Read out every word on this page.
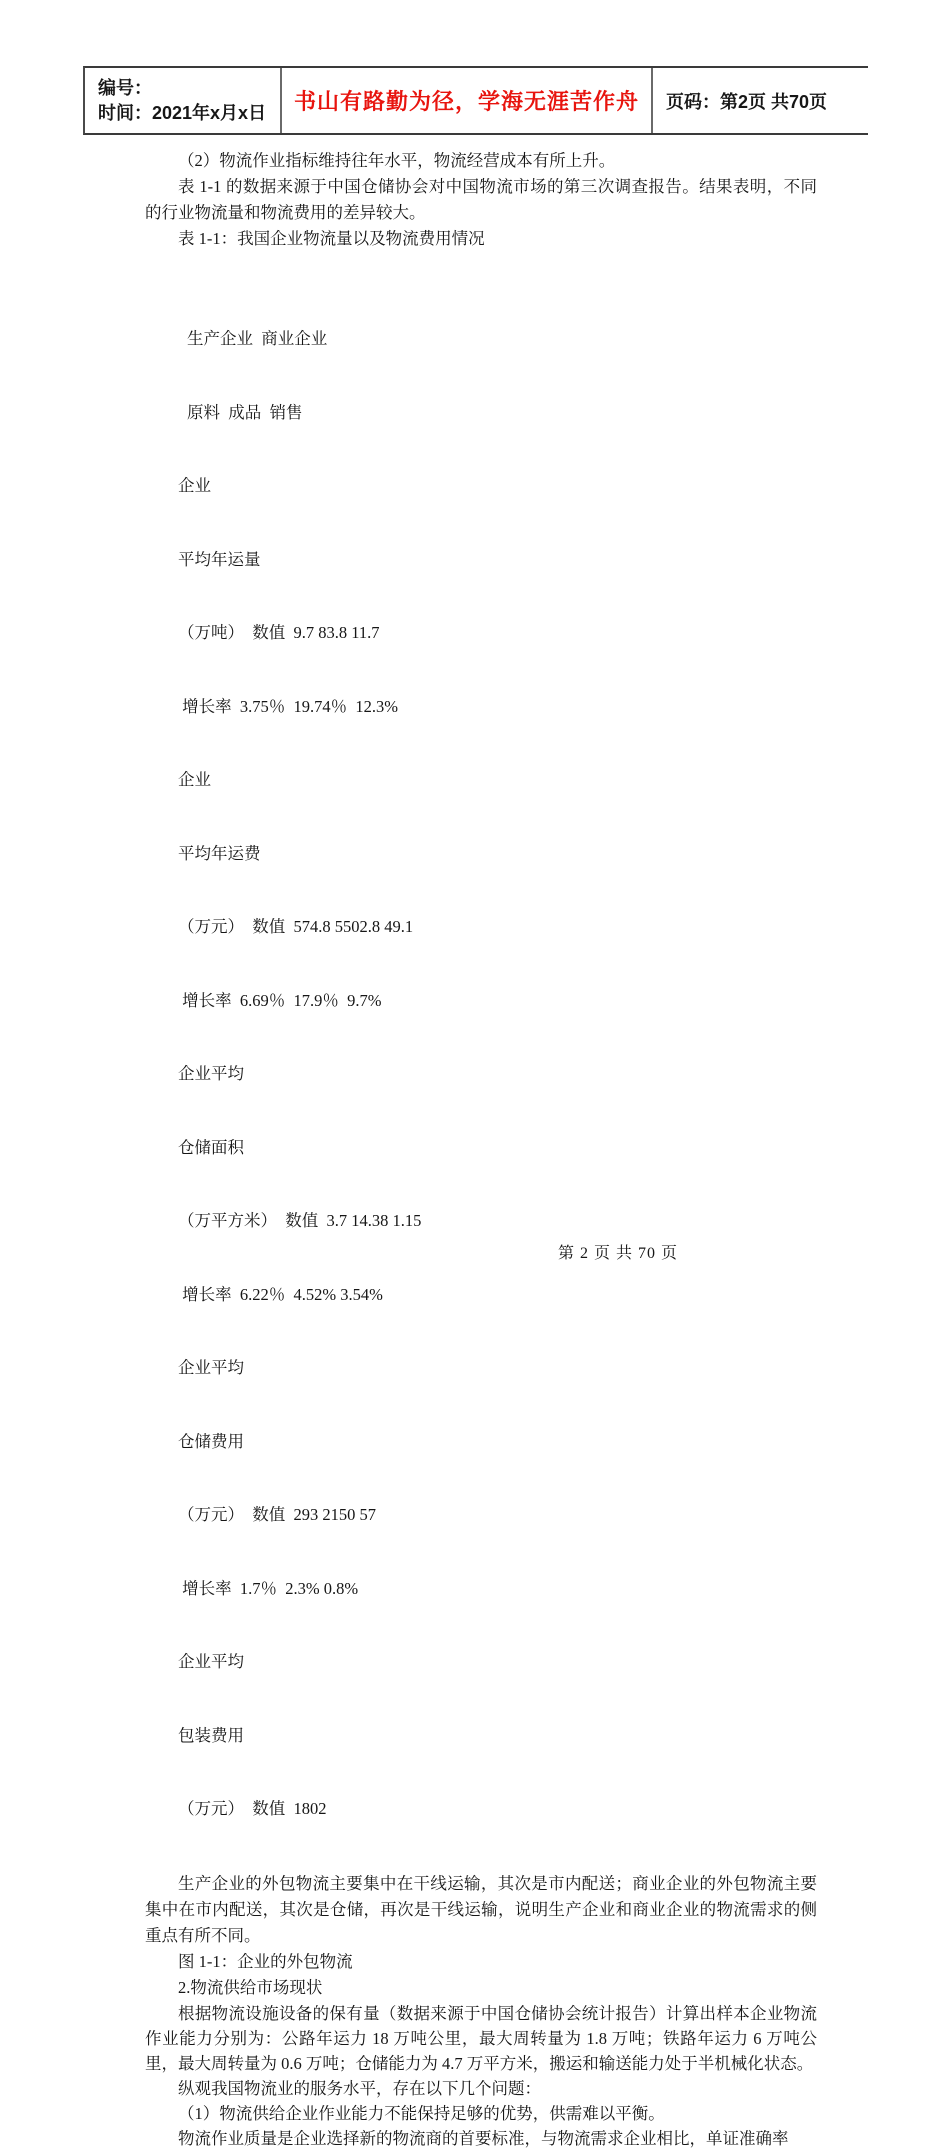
编号：
时间：2021年x月x日	书山有路勤为径，学海无涯苦作舟 页码：第2页 共70页

（2）物流作业指标维持往年水平，物流经营成本有所上升。

表 1-1 的数据来源于中国仓储协会对中国物流市场的第三次调查报告。结果表明，不同的行业物流量和物流费用的差异较大。

表 1-1：我国企业物流量以及物流费用情况

生产企业  商业企业

原料  成品  销售

企业

平均年运量

（万吨）  数值  9.7 83.8 11.7

增长率  3.75％  19.74％  12.3%

企业

平均年运费

（万元）  数值  574.8 5502.8 49.1

增长率  6.69％  17.9％  9.7%

企业平均

仓储面积

（万平方米）  数值  3.7 14.38 1.15

增长率  6.22％  4.52% 3.54%

企业平均

仓储费用

（万元）  数值  293 2150 57

增长率  1.7％  2.3% 0.8%

企业平均

包装费用

（万元）  数值  1802

生产企业的外包物流主要集中在干线运输，其次是市内配送；商业企业的外包物流主要集中在市内配送，其次是仓储，再次是干线运输，说明生产企业和商业企业的物流需求的侧重点有所不同。

图 1-1：企业的外包物流

2.物流供给市场现状

根据物流设施设备的保有量（数据来源于中国仓储协会统计报告）计算出样本企业物流作业能力分别为：公路年运力 18 万吨公里，最大周转量为 1.8 万吨；铁路年运力 6 万吨公里，最大周转量为 0.6 万吨；仓储能力为 4.7 万平方米，搬运和输送能力处于半机械化状态。

纵观我国物流业的服务水平，存在以下几个问题：

（1）物流供给企业作业能力不能保持足够的优势，供需难以平衡。

物流作业质量是企业选择新的物流商的首要标准，与物流需求企业相比，单证准确率

第 2 页 共 70 页
